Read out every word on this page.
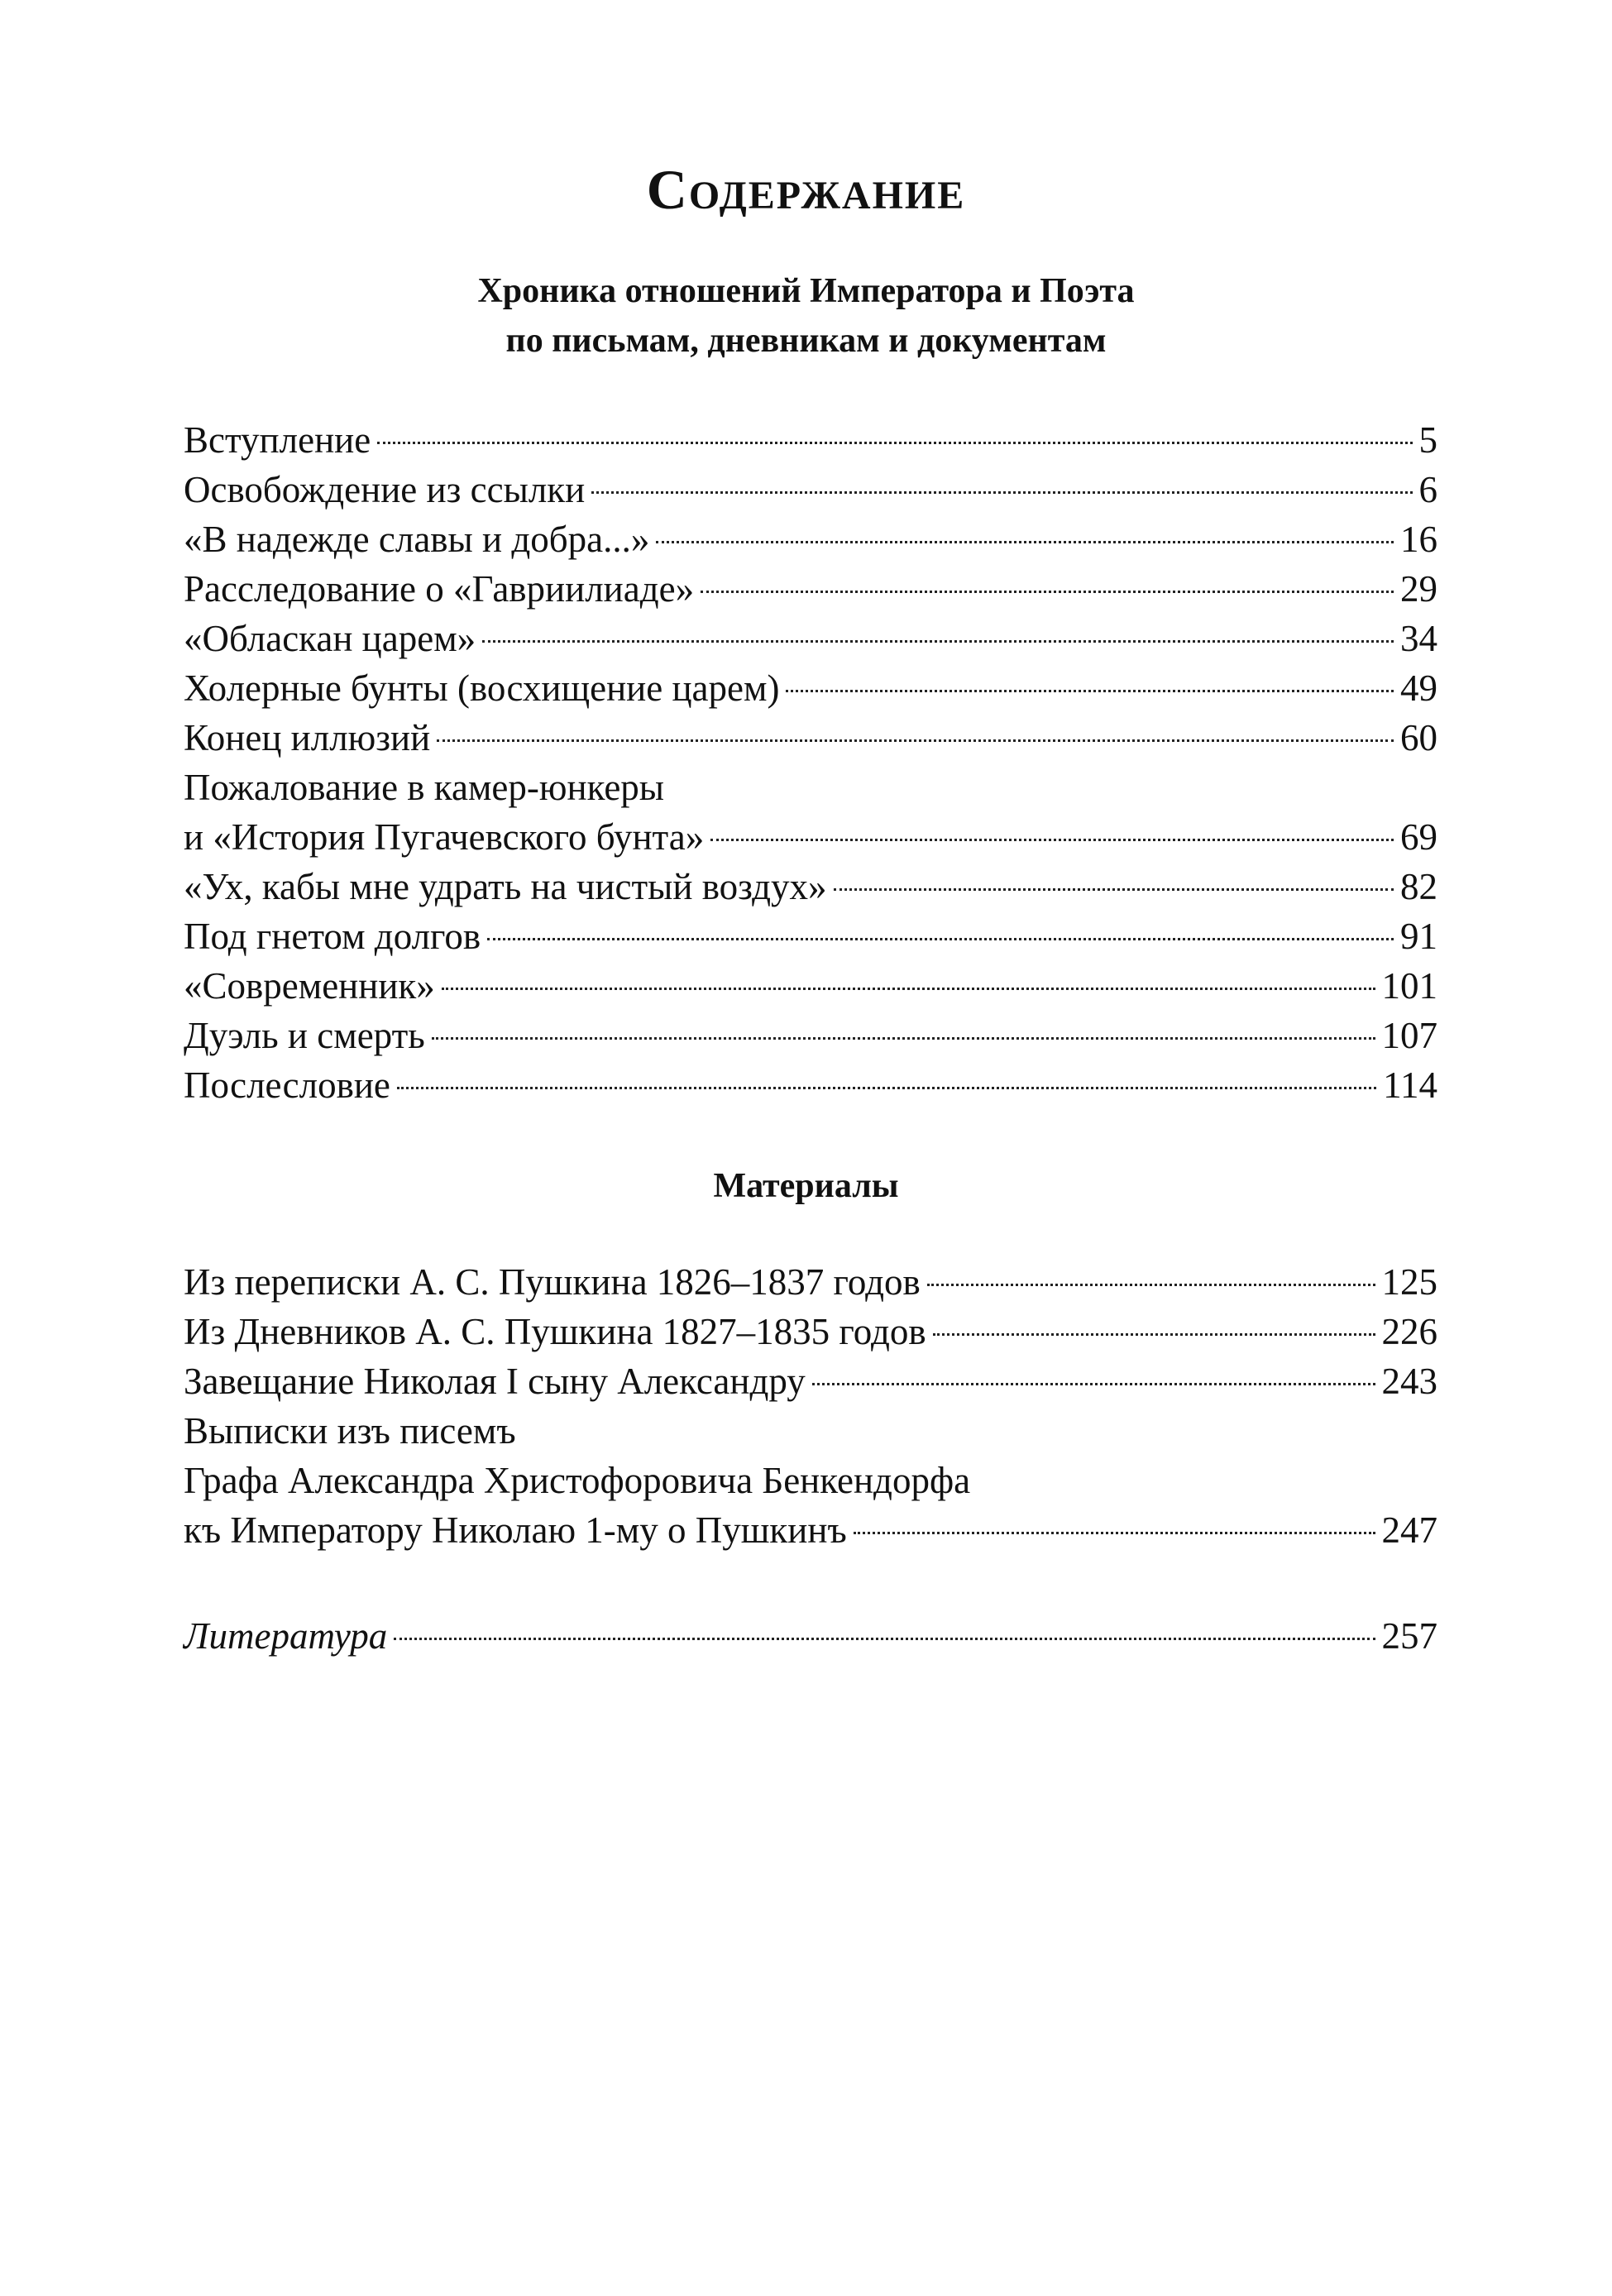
Содержание
Хроника отношений Императора и Поэта
по письмам, дневникам и документам
Вступление	5
Освобождение из ссылки	6
«В надежде славы и добра...»	16
Расследование о «Гавриилиаде»	29
«Обласкан царем»	34
Холерные бунты (восхищение царем)	49
Конец иллюзий	60
Пожалование в камер-юнкеры
и «История Пугачевского бунта»	69
«Ух, кабы мне удрать на чистый воздух»	82
Под гнетом долгов	91
«Современник»	101
Дуэль и смерть	107
Послесловие	114
Материалы
Из переписки А. С. Пушкина 1826–1837 годов	125
Из Дневников А. С. Пушкина 1827–1835 годов	226
Завещание Николая I сыну Александру	243
Выписки изъ писемъ
Графа Александра Христофоровича Бенкендорфа
къ Императору Николаю 1-му о Пушкинъ	247
Литература	257
